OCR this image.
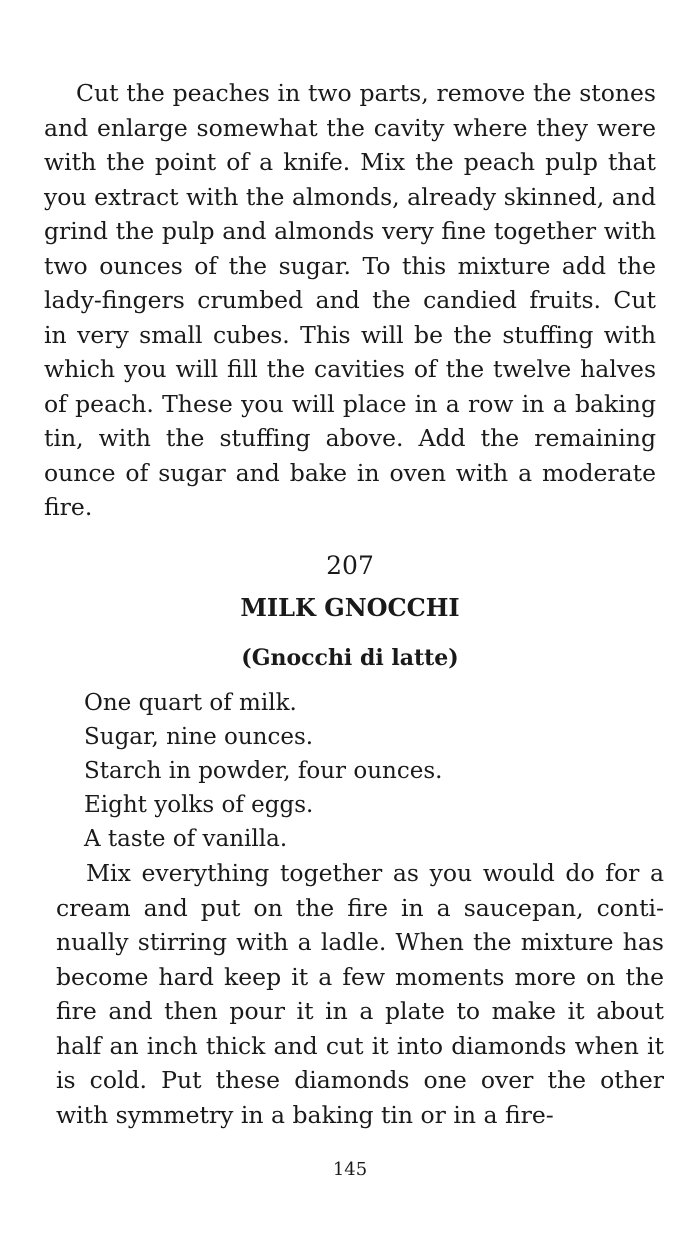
Cut the peaches in two parts, remove the stones and enlarge somewhat the cavity where they were with the point of a knife. Mix the peach pulp that you extract with the almonds, already skinned, and grind the pulp and almonds very fine together with two ounces of the sugar. To this mixture add the lady-fingers crumbed and the candied fruits. Cut in very small cubes. This will be the stuffing with which you will fill the cavities of the twelve halves of peach. These you will place in a row in a baking tin, with the stuffing above. Add the remaining ounce of sugar and bake in oven with a moderate fire.

207

MILK GNOCCHI

(Gnocchi di latte)

One quart of milk.
Sugar, nine ounces.
Starch in powder, four ounces.
Eight yolks of eggs.
A taste of vanilla.

Mix everything together as you would do for a cream and put on the fire in a saucepan, continually stirring with a ladle. When the mixture has become hard keep it a few moments more on the fire and then pour it in a plate to make it about half an inch thick and cut it into diamonds when it is cold. Put these diamonds one over the other with symmetry in a baking tin or in a fire-

145
